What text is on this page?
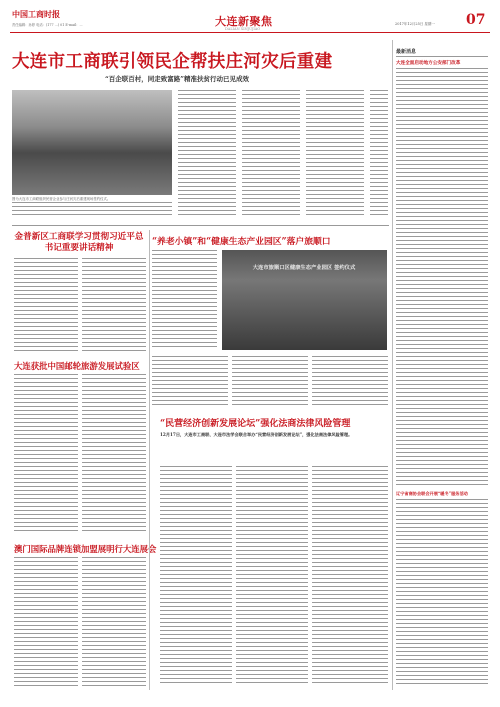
中国工商时报
责任编辑：孙婷 电话：(177 ...) 01 E-mail：...	大连新聚焦
DALIAN XINJUJIAO
2017年12月25日 星期一 07
大连市工商联引领民企帮扶庄河灾后重建
“百企联百村，同走致富路”精准扶贫行动已见成效
图为大连市工商联组织民营企业参与庄河灾后重建现场签约仪式。
最新消息
大连全面启动地方公安部门改革
辽宁省商协会联合开展“暖冬”服务活动
金普新区工商联学习贯彻习近平总书记重要讲话精神
“养老小镇”和“健康生态产业园区”落户旅顺口
大连市旅顺口区健康生态产业园区 签约仪式
大连获批中国邮轮旅游发展试验区
“民营经济创新发展论坛”强化法商法律风险管理
12月17日，大连市工商联、大连市法学会联合举办“民营经济创新发展论坛”，强化法商法律风险管理。
澳门国际品牌连锁加盟展明行大连展会
